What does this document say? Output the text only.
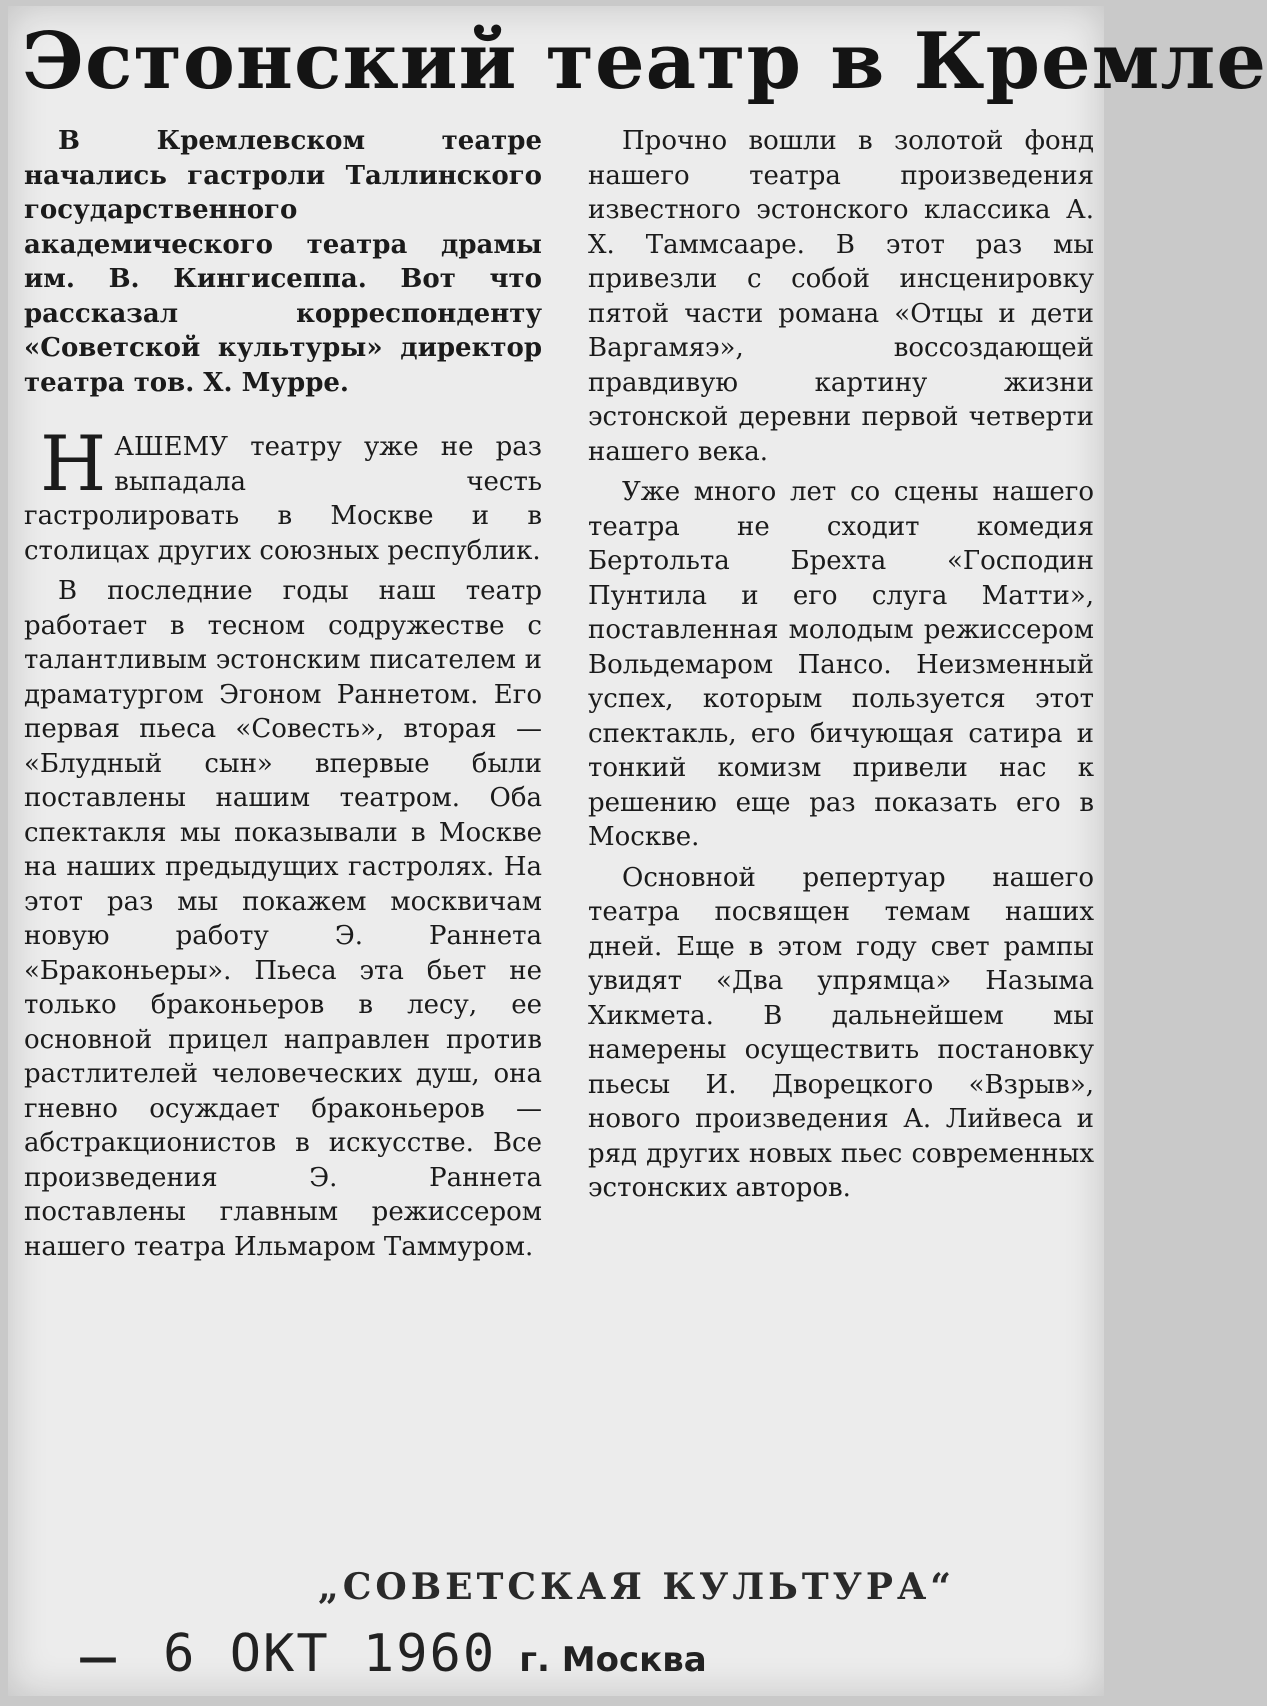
Эстонский театр в Кремле

В Кремлевском театре начались гастроли Таллинского государственного академического театра драмы им. В. Кингисеппа. Вот что рассказал корреспонденту «Советской культуры» директор театра тов. Х. Мурре.

НАШЕМУ театру уже не раз выпадала честь гастролировать в Москве и в столицах других союзных республик.

В последние годы наш театр работает в тесном содружестве с талантливым эстонским писателем и драматургом Эгоном Раннетом. Его первая пьеса «Совесть», вторая — «Блудный сын» впервые были поставлены нашим театром. Оба спектакля мы показывали в Москве на наших предыдущих гастролях. На этот раз мы покажем москвичам новую работу Э. Раннета «Браконьеры». Пьеса эта бьет не только браконьеров в лесу, ее основной прицел направлен против растлителей человеческих душ, она гневно осуждает браконьеров — абстракционистов в искусстве. Все произведения Э. Раннета поставлены главным режиссером нашего театра Ильмаром Таммуром.

Прочно вошли в золотой фонд нашего театра произведения известного эстонского классика А. Х. Таммсааре. В этот раз мы привезли с собой инсценировку пятой части романа «Отцы и дети Варгамяэ», воссоздающей правдивую картину жизни эстонской деревни первой четверти нашего века.

Уже много лет со сцены нашего театра не сходит комедия Бертольта Брехта «Господин Пунтила и его слуга Матти», поставленная молодым режиссером Вольдемаром Пансо. Неизменный успех, которым пользуется этот спектакль, его бичующая сатира и тонкий комизм привели нас к решению еще раз показать его в Москве.

Основной репертуар нашего театра посвящен темам наших дней. Еще в этом году свет рампы увидят «Два упрямца» Назыма Хикмета. В дальнейшем мы намерены осуществить постановку пьесы И. Дворецкого «Взрыв», нового произведения А. Лийвеса и ряд других новых пьес современных эстонских авторов.

„СОВЕТСКАЯ КУЛЬТУРА“
— 6 ОКТ 1960 г. Москва
